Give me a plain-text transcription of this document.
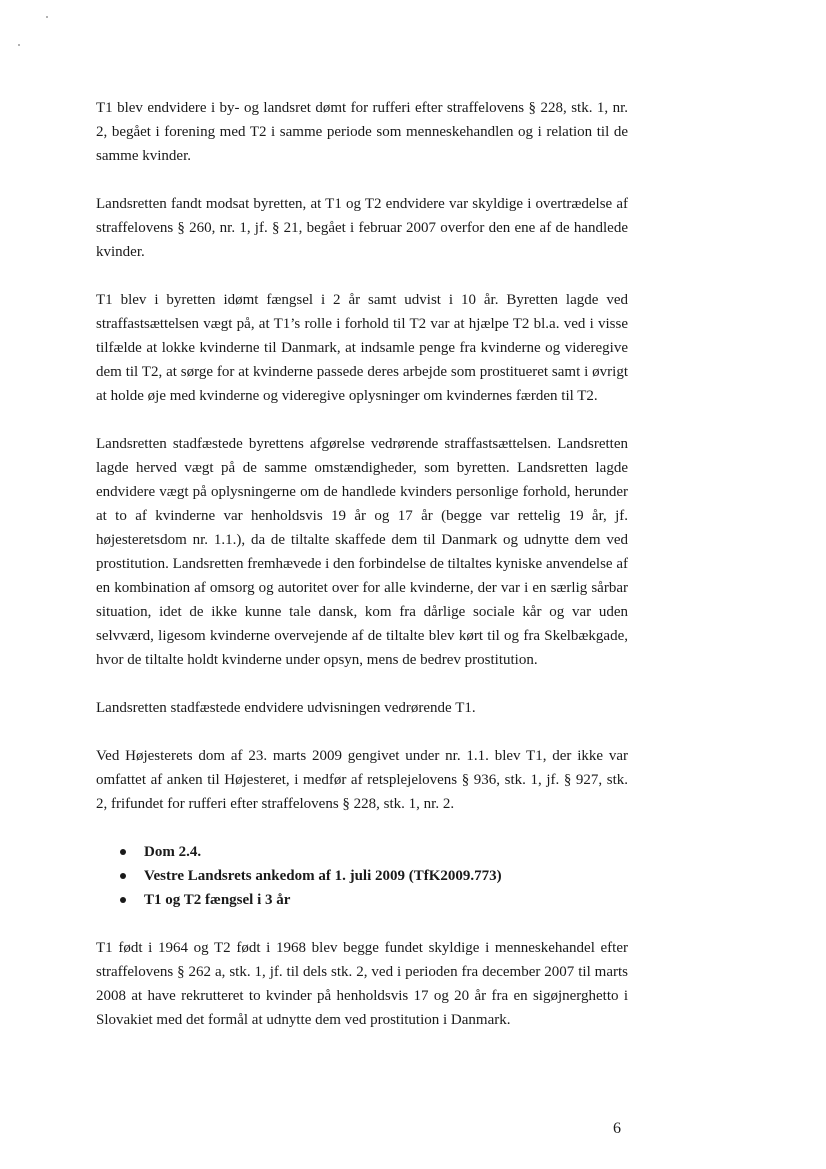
T1 blev endvidere i by- og landsret dømt for rufferi efter straffelovens § 228, stk. 1, nr. 2, begået i forening med T2 i samme periode som menneskehandlen og i relation til de samme kvinder.

Landsretten fandt modsat byretten, at T1 og T2 endvidere var skyldige i overtrædelse af straffelovens § 260, nr. 1, jf. § 21, begået i februar 2007 overfor den ene af de handlede kvinder.

T1 blev i byretten idømt fængsel i 2 år samt udvist i 10 år. Byretten lagde ved straffastsættelsen vægt på, at T1’s rolle i forhold til T2 var at hjælpe T2 bl.a. ved i visse tilfælde at lokke kvinderne til Danmark, at indsamle penge fra kvinderne og videregive dem til T2, at sørge for at kvinderne passede deres arbejde som prostitueret samt i øvrigt at holde øje med kvinderne og videregive oplysninger om kvindernes færden til T2.

Landsretten stadfæstede byrettens afgørelse vedrørende straffastsættelsen. Landsretten lagde herved vægt på de samme omstændigheder, som byretten. Landsretten lagde endvidere vægt på oplysningerne om de handlede kvinders personlige forhold, herunder at to af kvinderne var henholdsvis 19 år og 17 år (begge var rettelig 19 år, jf. højesteretsdom nr. 1.1.), da de tiltalte skaffede dem til Danmark og udnytte dem ved prostitution. Landsretten fremhævede i den forbindelse de tiltaltes kyniske anvendelse af en kombination af omsorg og autoritet over for alle kvinderne, der var i en særlig sårbar situation, idet de ikke kunne tale dansk, kom fra dårlige sociale kår og var uden selvværd, ligesom kvinderne overvejende af de tiltalte blev kørt til og fra Skelbækgade, hvor de tiltalte holdt kvinderne under opsyn, mens de bedrev prostitution.

Landsretten stadfæstede endvidere udvisningen vedrørende T1.

Ved Højesterets dom af 23. marts 2009 gengivet under nr. 1.1. blev T1, der ikke var omfattet af anken til Højesteret, i medfør af retsplejelovens § 936, stk. 1, jf. § 927, stk. 2, frifundet for rufferi efter straffelovens § 228, stk. 1, nr. 2.

Dom 2.4.
Vestre Landsrets ankedom af 1. juli 2009 (TfK2009.773)
T1 og T2 fængsel i 3 år

T1 født i 1964 og T2 født i 1968 blev begge fundet skyldige i menneskehandel efter straffelovens § 262 a, stk. 1, jf. til dels stk. 2, ved i perioden fra december 2007 til marts 2008 at have rekrutteret to kvinder på henholdsvis 17 og 20 år fra en sigøjnerghetto i Slovakiet med det formål at udnytte dem ved prostitution i Danmark.

6
